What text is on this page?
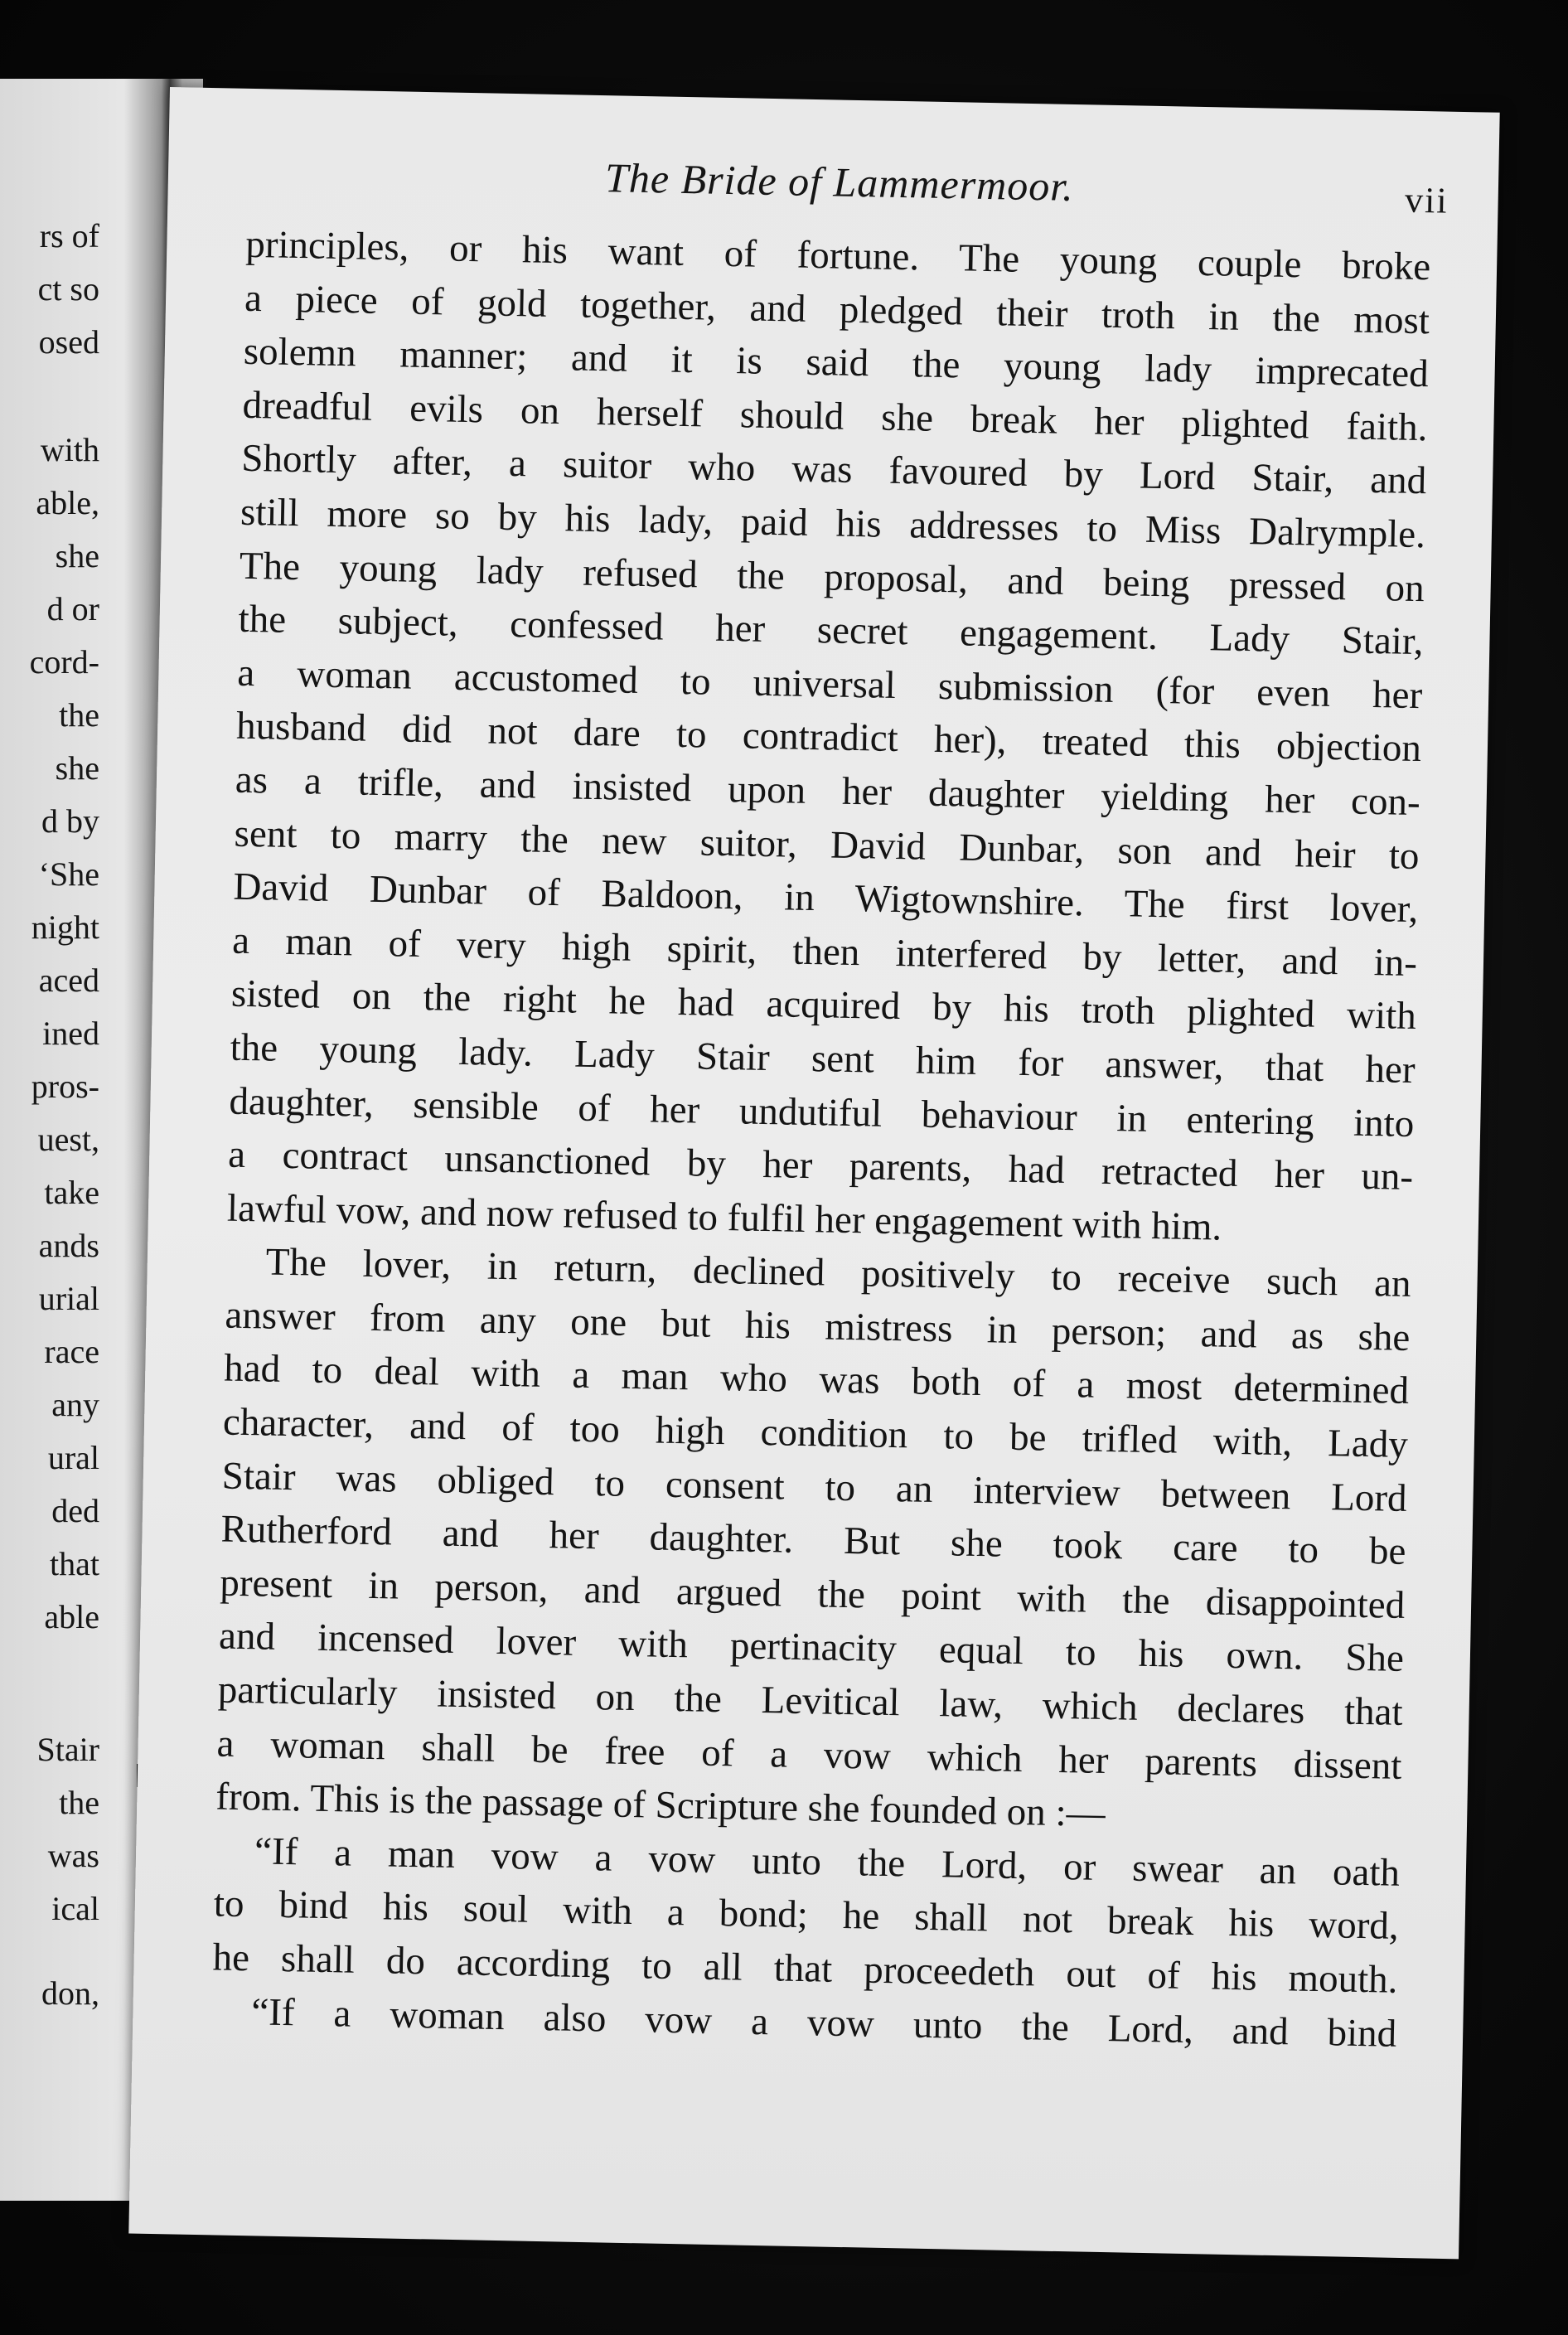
rs of
ct so
osed
with
able,
she
d or
cord-
the
she
d by
‘She
night
aced
ined
pros-
uest,
take
ands
urial
race
any
ural
ded
that
able
Stair
the
was
ical
don,
The Bride of Lammermoor.	vii
principles, or his want of fortune. The young couple broke
a piece of gold together, and pledged their troth in the most
solemn manner; and it is said the young lady imprecated
dreadful evils on herself should she break her plighted faith.
Shortly after, a suitor who was favoured by Lord Stair, and
still more so by his lady, paid his addresses to Miss Dalrymple.
The young lady refused the proposal, and being pressed on
the subject, confessed her secret engagement. Lady Stair,
a woman accustomed to universal submission (for even her
husband did not dare to contradict her), treated this objection
as a trifle, and insisted upon her daughter yielding her con-
sent to marry the new suitor, David Dunbar, son and heir to
David Dunbar of Baldoon, in Wigtownshire. The first lover,
a man of very high spirit, then interfered by letter, and in-
sisted on the right he had acquired by his troth plighted with
the young lady. Lady Stair sent him for answer, that her
daughter, sensible of her undutiful behaviour in entering into
a contract unsanctioned by her parents, had retracted her un-
lawful vow, and now refused to fulfil her engagement with him.
The lover, in return, declined positively to receive such an
answer from any one but his mistress in person; and as she
had to deal with a man who was both of a most determined
character, and of too high condition to be trifled with, Lady
Stair was obliged to consent to an interview between Lord
Rutherford and her daughter. But she took care to be
present in person, and argued the point with the disappointed
and incensed lover with pertinacity equal to his own. She
particularly insisted on the Levitical law, which declares that
a woman shall be free of a vow which her parents dissent
from. This is the passage of Scripture she founded on :—
“If a man vow a vow unto the Lord, or swear an oath
to bind his soul with a bond; he shall not break his word,
he shall do according to all that proceedeth out of his mouth.
“If a woman also vow a vow unto the Lord, and bind
